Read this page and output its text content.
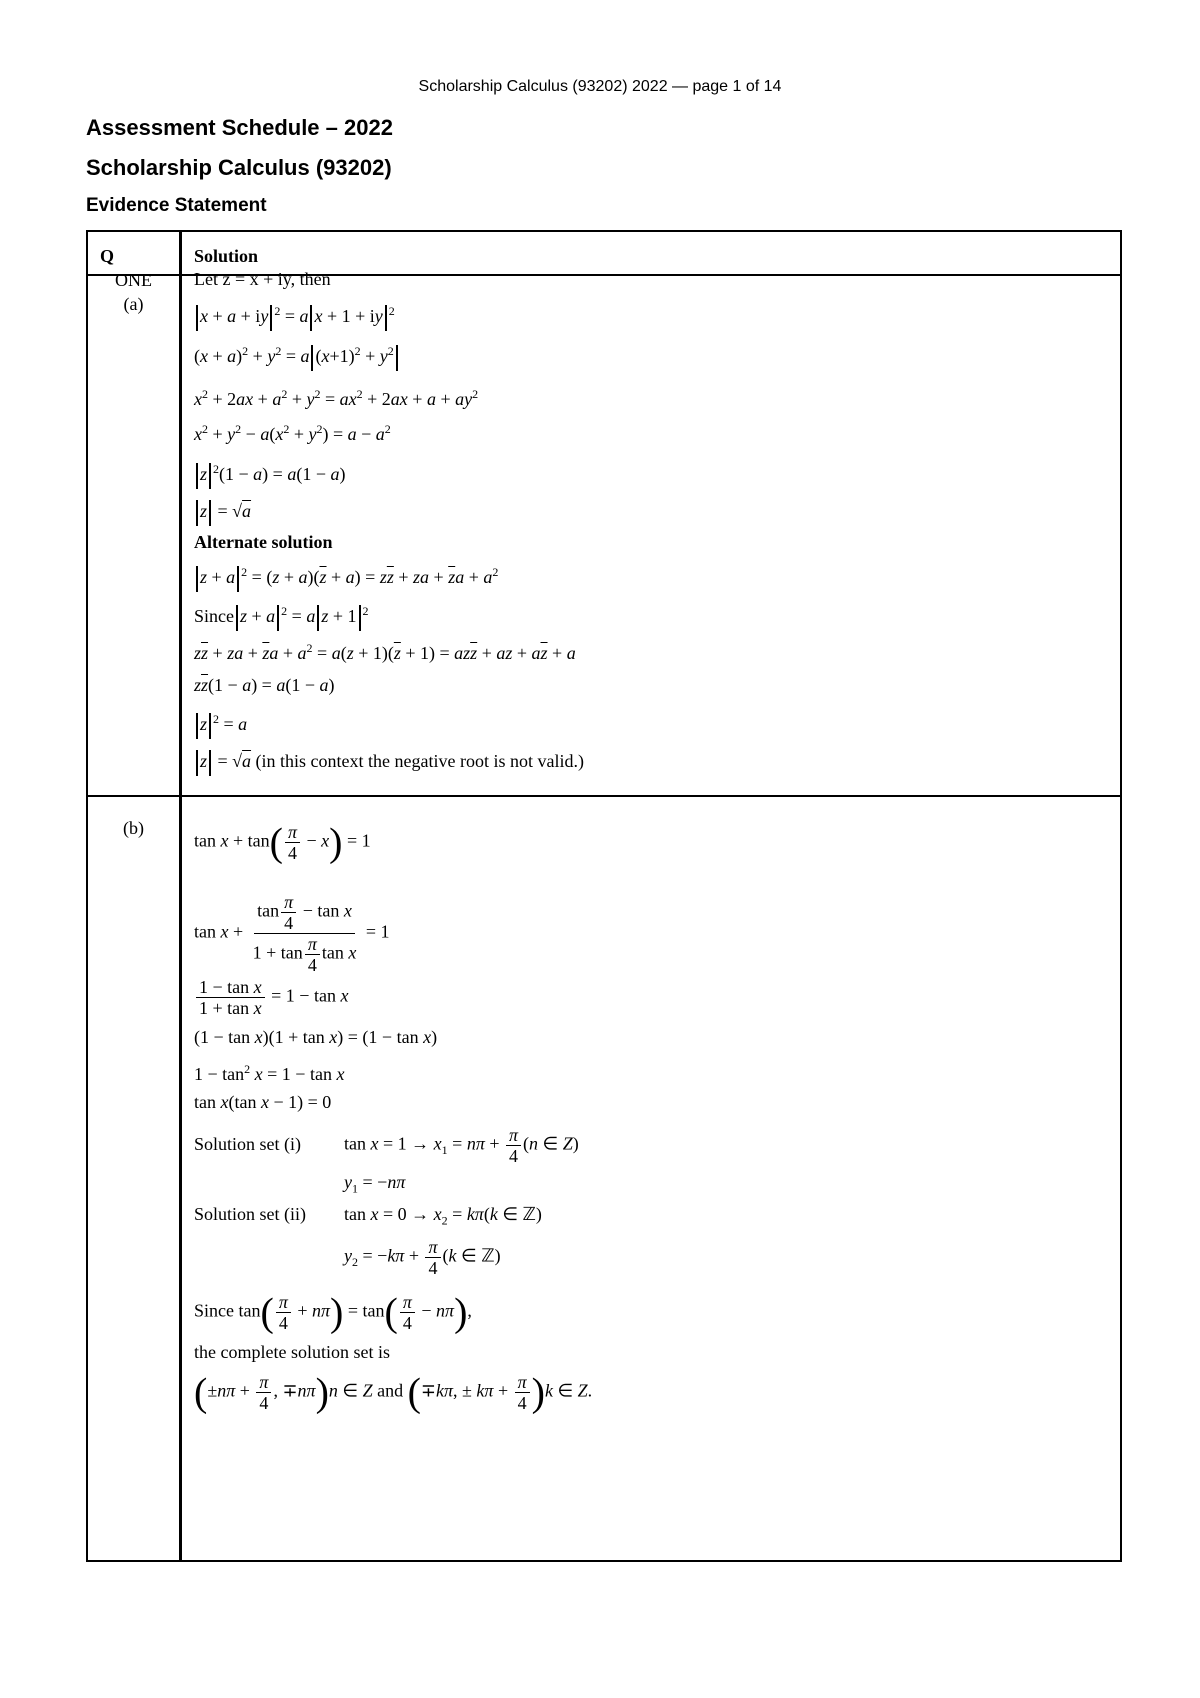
Scholarship Calculus (93202) 2022 — page 1 of 14
Assessment Schedule – 2022
Scholarship Calculus (93202)
Evidence Statement
Q	Solution
ONE
(a)
Let z = x + iy, then
x + a + iy $^2$ = a x + 1 + iy $^2$
$(x + a)^2 + y^2 = a$ $(x+1)^2 + y^2$
$x^2 + 2ax + a^2 + y^2 = ax^2 + 2ax + a + ay^2$
$x^2 + y^2 - a(x^2 + y^2) = a - a^2$
z $^2$(1 − a) = a(1 − a)
z = √a
Alternate solution
z + a $^2 = (z + a)(\overline{z} + a) = z\overline{z}$ + za + $\overline{z}a + a^2$
Since z + a $^2$ = a z + 1 $^2$
$z\overline{z}$ + za + $\overline{z}a + a^2 = a(z + 1)(\overline{z} + 1) = az\overline{z}$ + az + $a\overline{z} + a$
$z\overline{z}(1 - a) = a(1 - a)$
z $^2$ = a
z = √a (in this context the negative root is not valid.)
(b)
$\tan x + \tan( \frac{\pi}{4} - x) = 1$
$\tan x + \frac{\tan \frac{\pi}{4} - \tan x}{1 + \tan \frac{\pi}{4} \tan x} = 1$
$\frac{\text{1 − tan x}}{\text{1 + tan x}} = 1 - \tan x$
(1 − tan x)(1 + tan x) = (1 − tan x)
$1 - \tan^2 x = 1 - \tan x$
tan x(tan x − 1) = 0
Solution set (i) $\tan x = 1 \to x_1 = n\pi + \frac{\pi}{4} (n$ ∈ Z)
$y_1 = -n\pi$
Solution set (ii) $\tan x = 0 \to x_2 = k\pi(k$ ∈ ℤ)
$y_2 = -k\pi + \frac{\pi}{4} (k$ ∈ ℤ)
Since $\tan( \frac{\pi}{4} + n\pi) = \tan( \frac{\pi}{4} - n\pi)$,
the complete solution set is
($\pm n\pi + \frac{\pi}{4}$ , ∓nπ)n ∈ Z and (∓kπ, ± $k\pi + \frac{\pi}{4} )k$ ∈ Z.
